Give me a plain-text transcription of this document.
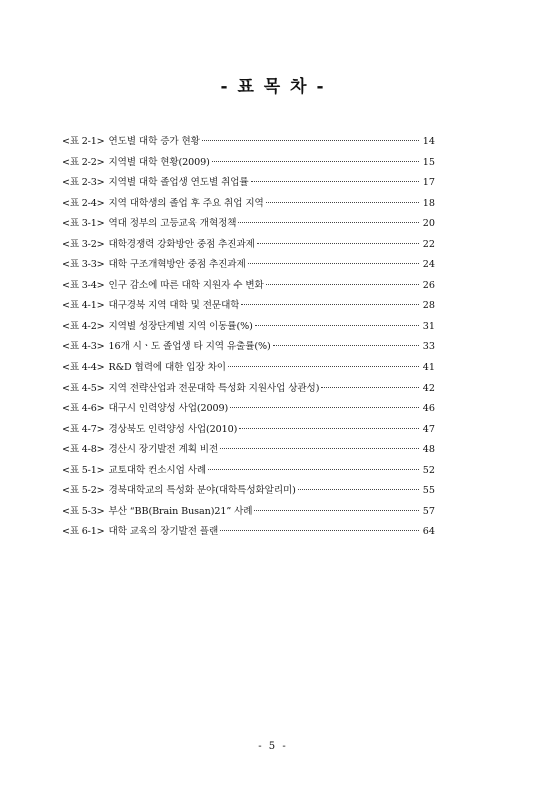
- 표 목 차 -
<표 2-1> 연도별 대학 증가 현황	14
<표 2-2> 지역별 대학 현황(2009)	15
<표 2-3> 지역별 대학 졸업생 연도별 취업률	17
<표 2-4> 지역 대학생의 졸업 후 주요 취업 지역	18
<표 3-1> 역대 정부의 고등교육 개혁정책	20
<표 3-2> 대학경쟁력 강화방안 중점 추진과제	22
<표 3-3> 대학 구조개혁방안 중점 추진과제	24
<표 3-4> 인구 감소에 따른 대학 지원자 수 변화	26
<표 4-1> 대구경북 지역 대학 및 전문대학	28
<표 4-2> 지역별 성장단계별 지역 이동률(%)	31
<표 4-3> 16개 시ㆍ도 졸업생 타 지역 유출률(%)	33
<표 4-4> R&D 협력에 대한 입장 차이	41
<표 4-5> 지역 전략산업과 전문대학 특성화 지원사업 상관성)	42
<표 4-6> 대구시 인력양성 사업(2009)	46
<표 4-7> 경상북도 인력양성 사업(2010)	47
<표 4-8> 경산시 장기발전 계획 비전	48
<표 5-1> 교토대학 컨소시엄 사례	52
<표 5-2> 경북대학교의 특성화 분야(대학특성화알리미)	55
<표 5-3> 부산 “BB(Brain Busan)21” 사례	57
<표 6-1> 대학 교육의 장기발전 플랜	64
- 5 -
